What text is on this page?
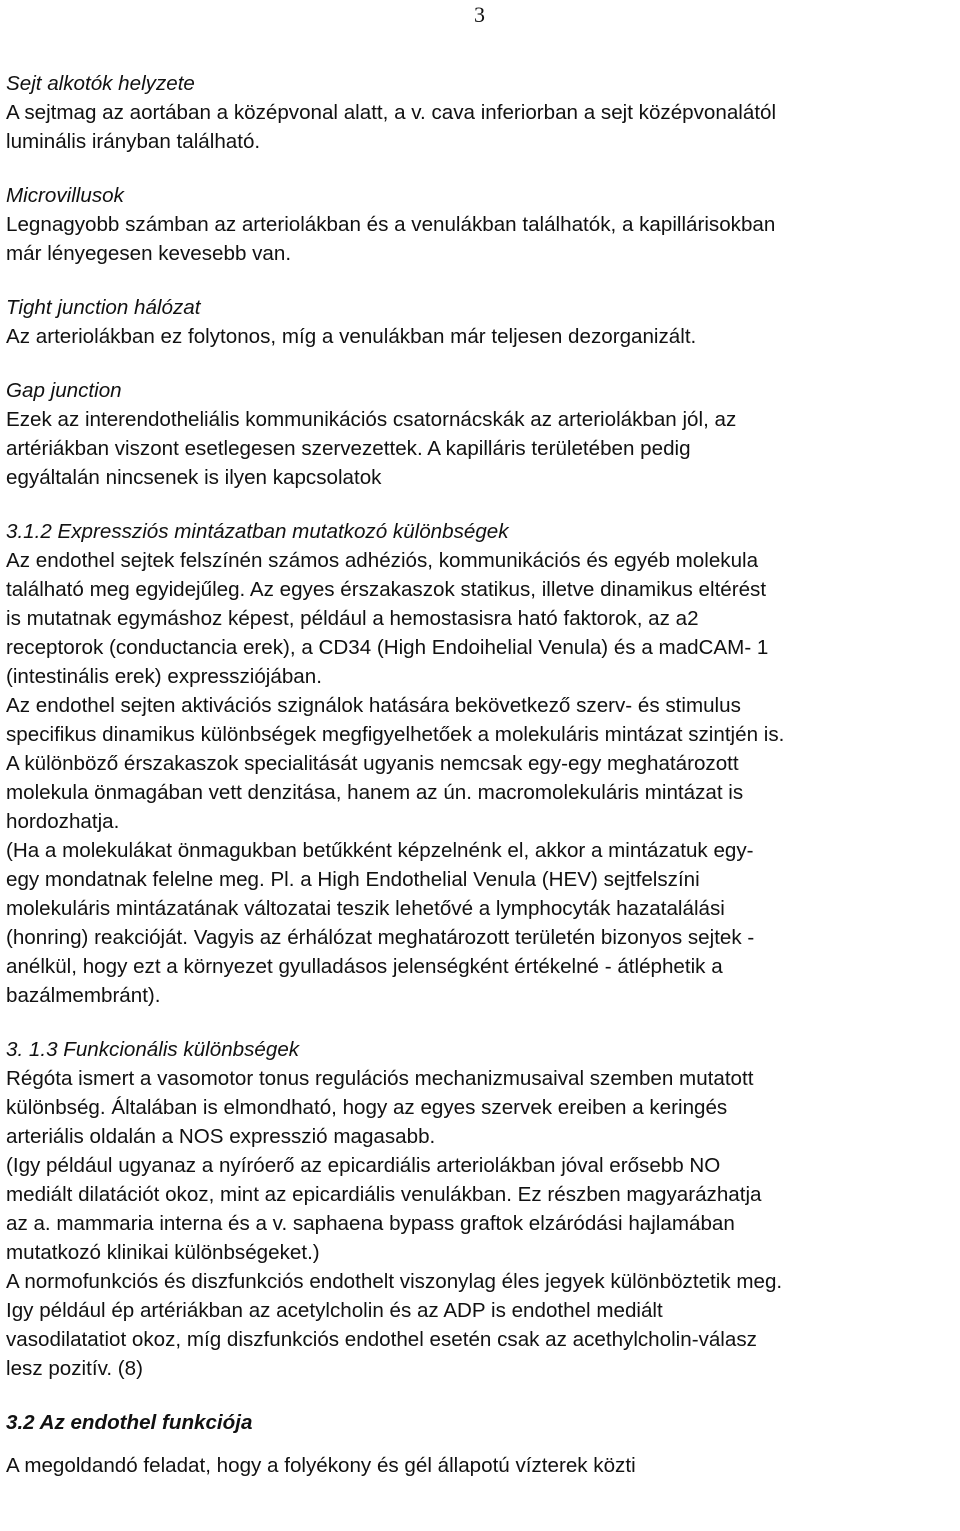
3

Sejt alkotók helyzete

A sejtmag az aortában a középvonal alatt, a v. cava inferiorban a sejt középvonalától
luminális irányban található.

Microvillusok

Legnagyobb számban az arteriolákban és a venulákban találhatók, a kapillárisokban
már lényegesen kevesebb van.

Tight junction hálózat

Az arteriolákban ez folytonos, míg a venulákban már teljesen dezorganizált.

Gap junction

Ezek az interendotheliális kommunikációs csatornácskák az arteriolákban jól, az
artériákban viszont esetlegesen szervezettek. A kapilláris területében pedig
egyáltalán nincsenek is ilyen kapcsolatok

3.1.2 Expressziós mintázatban mutatkozó különbségek

Az endothel sejtek felszínén számos adhéziós, kommunikációs és egyéb molekula
található meg egyidejűleg. Az egyes érszakaszok statikus, illetve dinamikus eltérést
is mutatnak egymáshoz képest, például a hemostasisra ható faktorok, az a2
receptorok (conductancia erek), a CD34 (High Endoihelial Venula) és a madCAM- 1
(intestinális erek) expressziójában.
Az endothel sejten aktivációs szignálok hatására bekövetkező szerv- és stimulus
specifikus dinamikus különbségek megfigyelhetőek a molekuláris mintázat szintjén is.
A különböző érszakaszok specialitását ugyanis nemcsak egy-egy meghatározott
molekula önmagában vett denzitása, hanem az ún. macromolekuláris mintázat is
hordozhatja.
(Ha a molekulákat önmagukban betűkként képzelnénk el, akkor a mintázatuk egy-
egy mondatnak felelne meg. Pl. a High Endothelial Venula (HEV) sejtfelszíni
molekuláris mintázatának változatai teszik lehetővé a lymphocyták hazatalálási
(honring) reakcióját. Vagyis az érhálózat meghatározott területén bizonyos sejtek -
anélkül, hogy ezt a környezet gyulladásos jelenségként értékelné - átléphetik a
bazálmembránt).

3. 1.3 Funkcionális különbségek

Régóta ismert a vasomotor tonus regulációs mechanizmusaival szemben mutatott
különbség. Általában is elmondható, hogy az egyes szervek ereiben a keringés
arteriális oldalán a NOS expresszió magasabb.
(Igy például ugyanaz a nyíróerő az epicardiális arteriolákban jóval erősebb NO
mediált dilatációt okoz, mint az epicardiális venulákban. Ez részben magyarázhatja
az a. mammaria interna és a v. saphaena bypass graftok elzáródási hajlamában
mutatkozó klinikai különbségeket.)
A normofunkciós és diszfunkciós endothelt viszonylag éles jegyek különböztetik meg.
Igy például ép artériákban az acetylcholin és az ADP is endothel mediált
vasodilatatiot okoz, míg diszfunkciós endothel esetén csak az acethylcholin-válasz
lesz pozitív. (8)

3.2 Az endothel funkciója

A megoldandó feladat, hogy a folyékony és gél állapotú vízterek közti
